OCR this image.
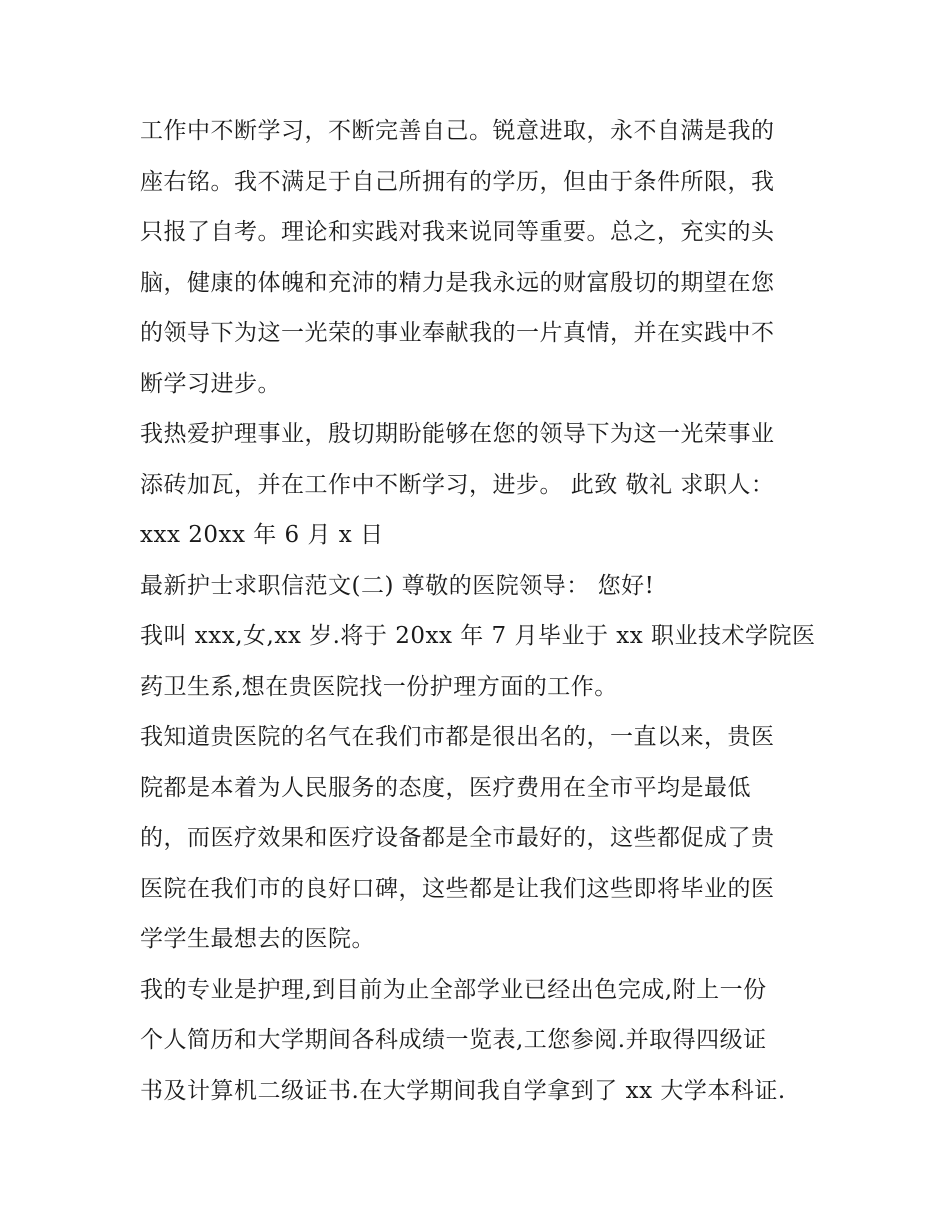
工作中不断学习，不断完善自己。锐意进取，永不自满是我的
座右铭。我不满足于自己所拥有的学历，但由于条件所限，我
只报了自考。理论和实践对我来说同等重要。总之，充实的头
脑，健康的体魄和充沛的精力是我永远的财富殷切的期望在您
的领导下为这一光荣的事业奉献我的一片真情，并在实践中不
断学习进步。
我热爱护理事业，殷切期盼能够在您的领导下为这一光荣事业
添砖加瓦，并在工作中不断学习，进步。 此致 敬礼 求职人：
xxx 20xx 年 6 月 x 日
最新护士求职信范文(二) 尊敬的医院领导： 您好!
我叫 xxx,女,xx 岁.将于 20xx 年 7 月毕业于 xx 职业技术学院医
药卫生系,想在贵医院找一份护理方面的工作。
我知道贵医院的名气在我们市都是很出名的，一直以来，贵医
院都是本着为人民服务的态度，医疗费用在全市平均是最低
的，而医疗效果和医疗设备都是全市最好的，这些都促成了贵
医院在我们市的良好口碑，这些都是让我们这些即将毕业的医
学学生最想去的医院。
我的专业是护理,到目前为止全部学业已经出色完成,附上一份
个人简历和大学期间各科成绩一览表,工您参阅.并取得四级证
书及计算机二级证书.在大学期间我自学拿到了 xx 大学本科证.
